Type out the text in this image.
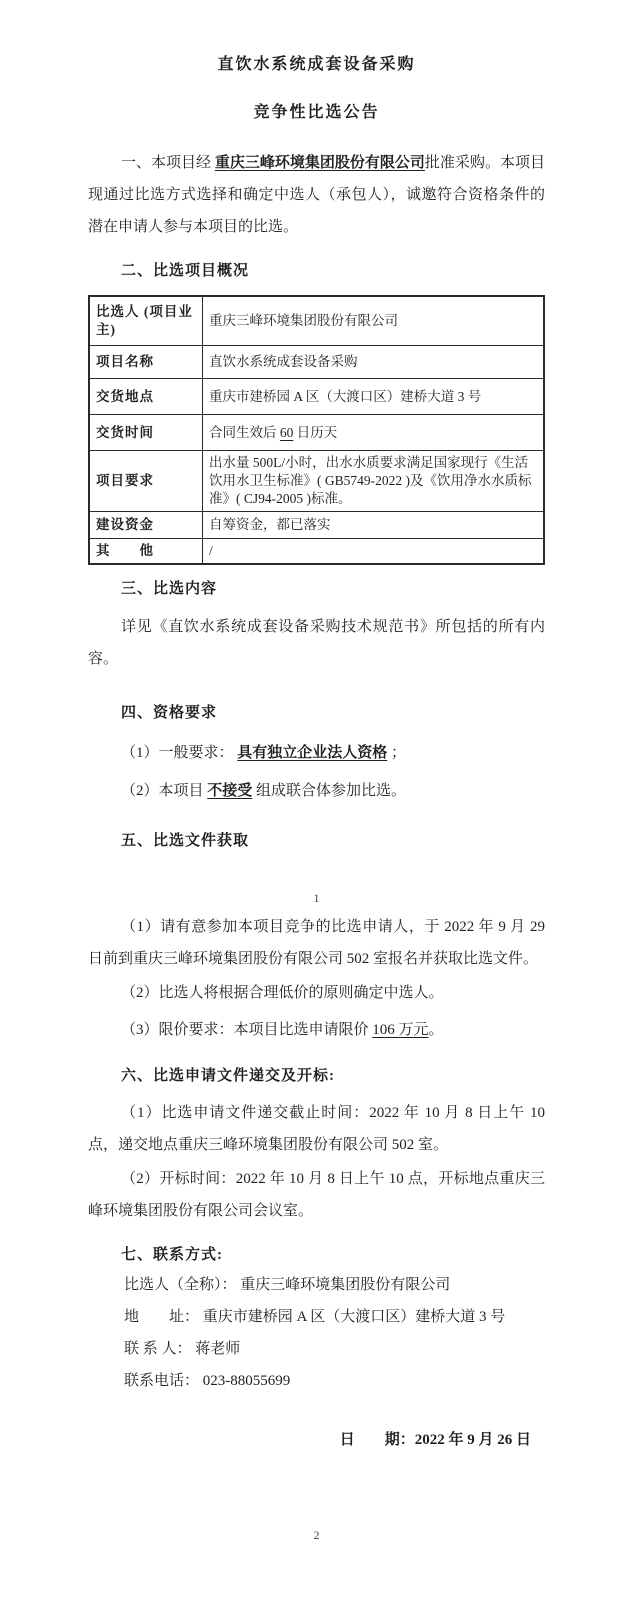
直饮水系统成套设备采购
竞争性比选公告

一、本项目经 重庆三峰环境集团股份有限公司批准采购。本项目现通过比选方式选择和确定中选人（承包人），诚邀符合资格条件的潜在申请人参与本项目的比选。

二、比选项目概况

比选人 (项目业主)	重庆三峰环境集团股份有限公司
项目名称	直饮水系统成套设备采购
交货地点	重庆市建桥园 A 区（大渡口区）建桥大道 3 号
交货时间	合同生效后 60 日历天
项目要求	出水量 500L/小时，出水水质要求满足国家现行《生活饮用水卫生标准》( GB5749-2022 )及《饮用净水水质标准》( CJ94-2005 )标准。
建设资金	自筹资金，都已落实
其　　他	/

三、比选内容

详见《直饮水系统成套设备采购技术规范书》所包括的所有内容。

四、资格要求

（1）一般要求： 具有独立企业法人资格 ；

（2）本项目 不接受 组成联合体参加比选。

五、比选文件获取

1

（1）请有意参加本项目竞争的比选申请人，于 2022 年 9 月 29 日前到重庆三峰环境集团股份有限公司 502 室报名并获取比选文件。

（2）比选人将根据合理低价的原则确定中选人。

（3）限价要求：本项目比选申请限价 106 万元。

六、比选申请文件递交及开标:

（1）比选申请文件递交截止时间：2022 年 10 月 8 日上午 10 点，递交地点重庆三峰环境集团股份有限公司 502 室。

（2）开标时间：2022 年 10 月 8 日上午 10 点，开标地点重庆三峰环境集团股份有限公司会议室。

七、联系方式:

比选人（全称）： 重庆三峰环境集团股份有限公司

地　　址： 重庆市建桥园 A 区（大渡口区）建桥大道 3 号

联 系 人： 蒋老师

联系电话： 023-88055699

日　　期：2022 年 9 月 26 日

2
